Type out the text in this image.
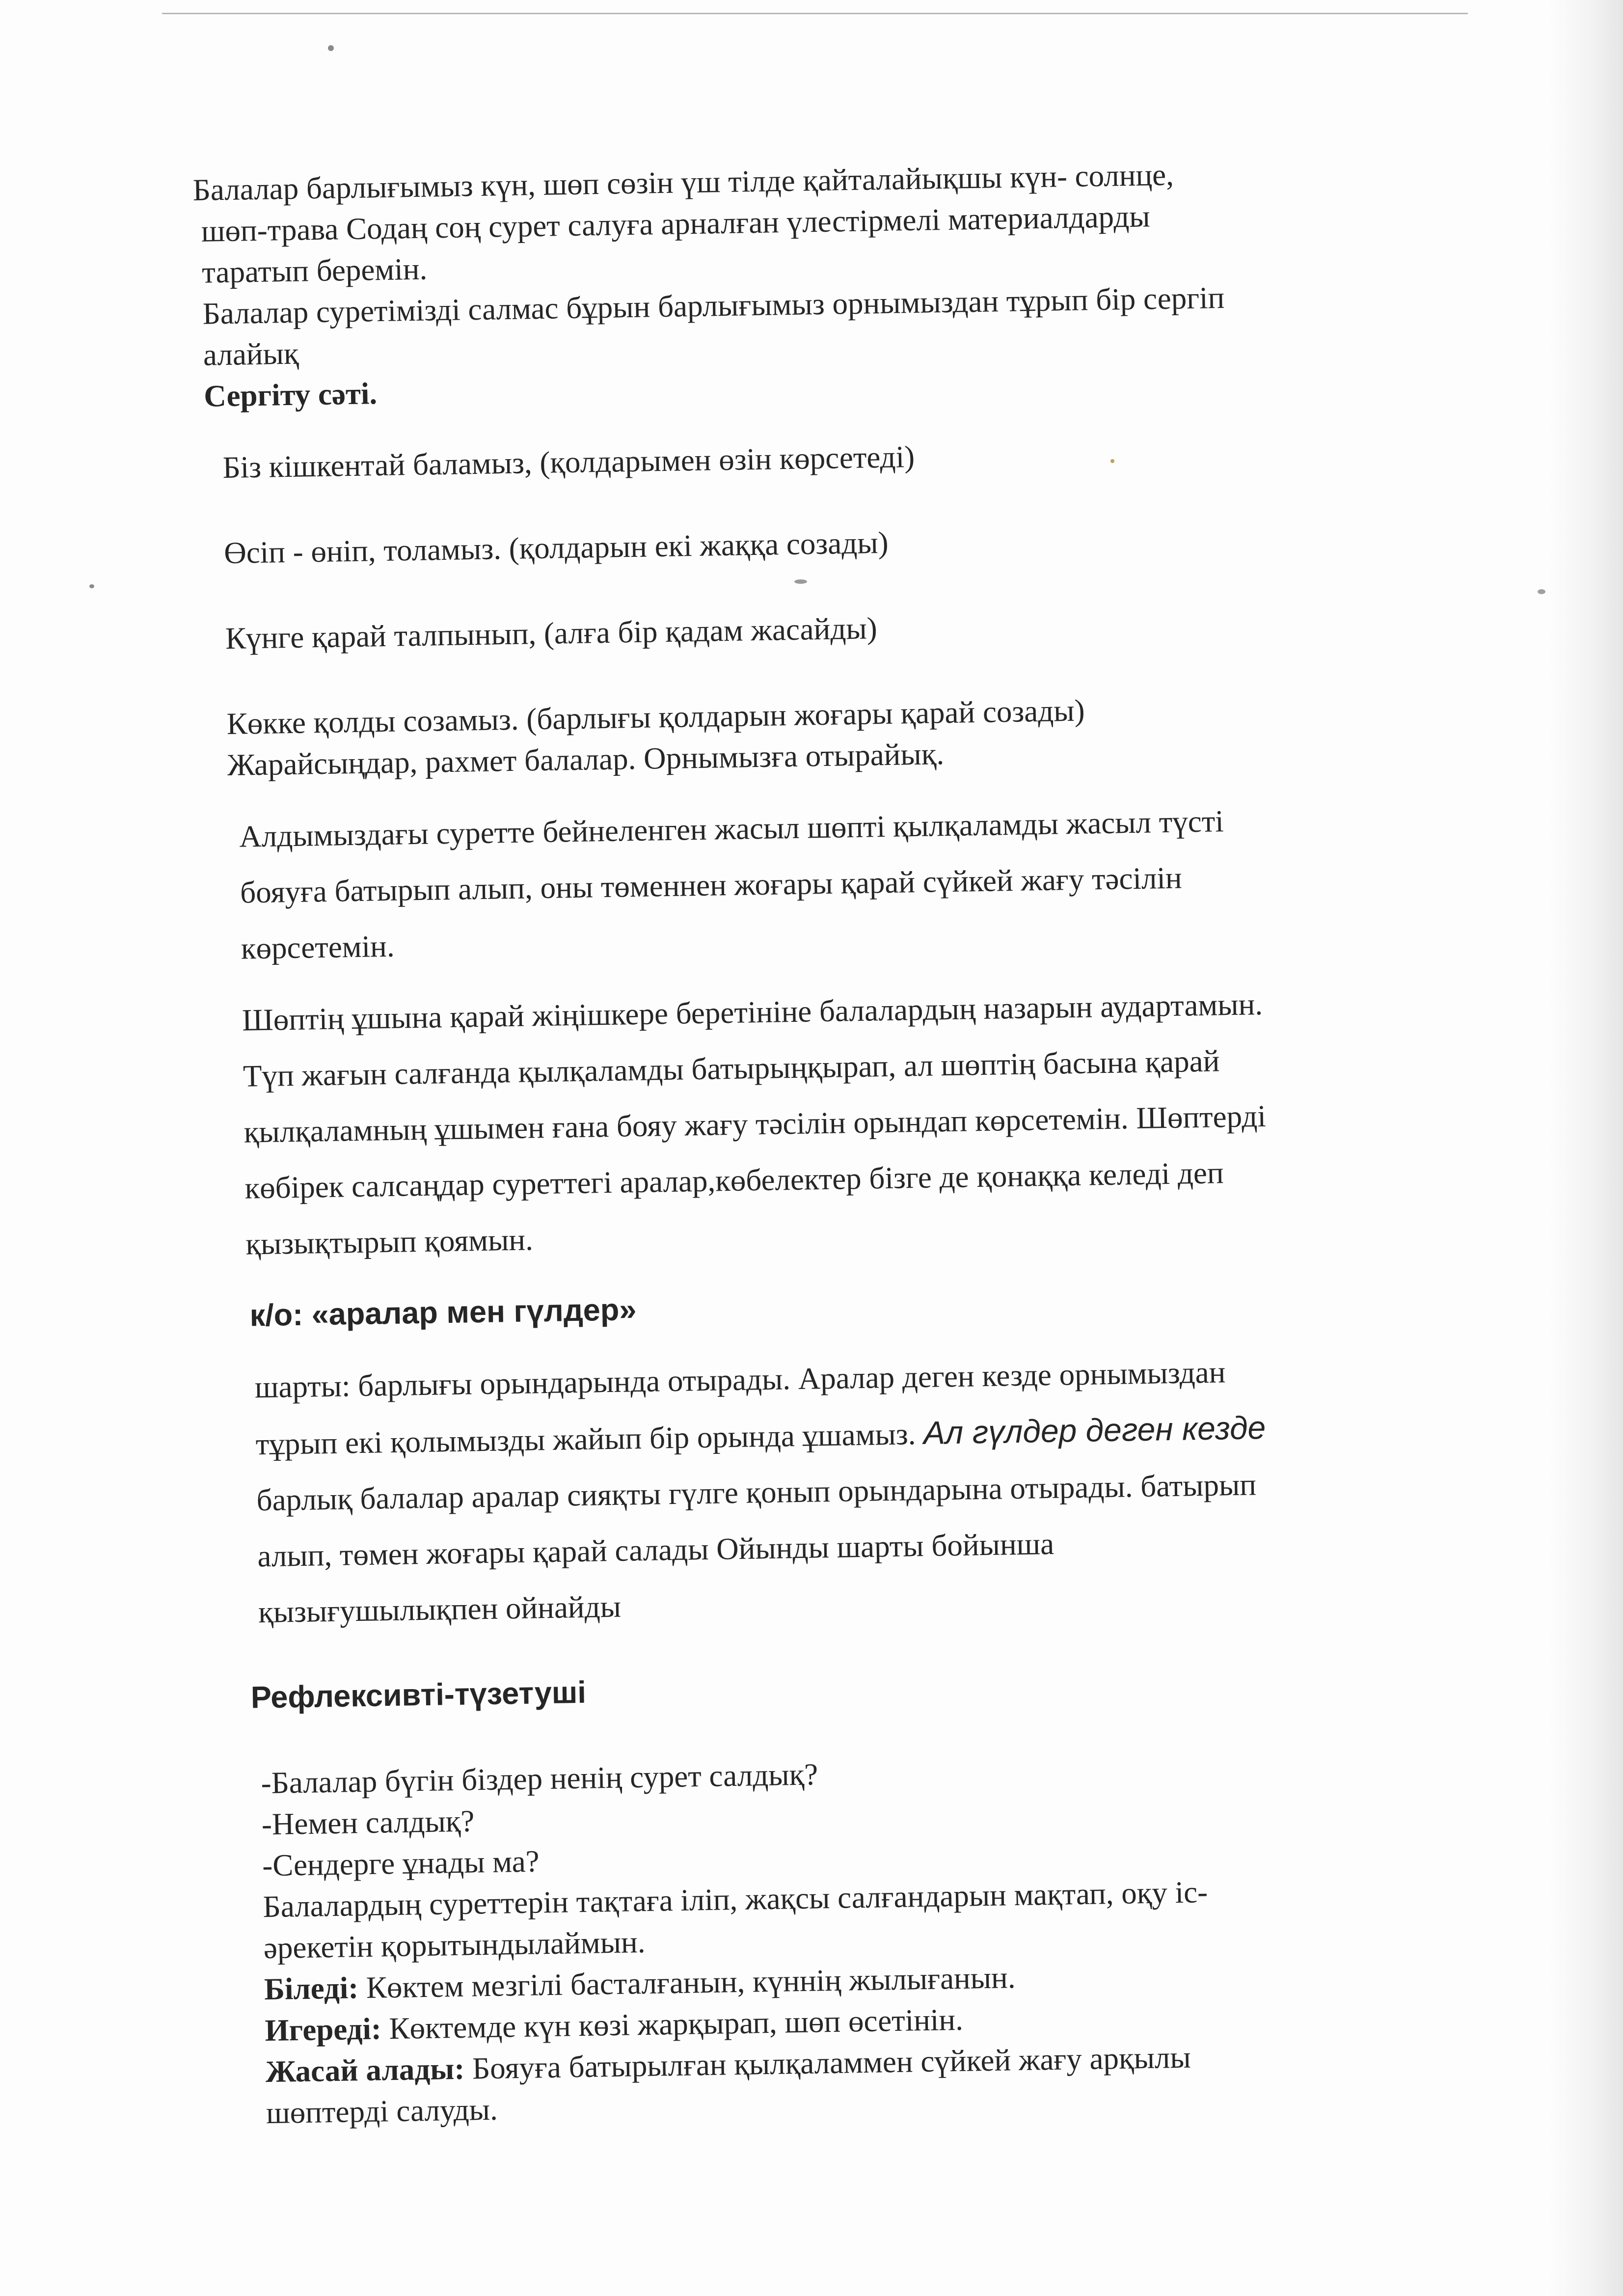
Балалар барлығымыз күн, шөп сөзін үш тілде қайталайықшы күн- солнце,

шөп-трава Содаң соң сурет салуға арналған үлестірмелі материалдарды

таратып беремін.

Балалар суретімізді салмас бұрын барлығымыз орнымыздан тұрып бір сергіп

алайық

Сергіту сәті.

Біз кішкентай баламыз, (қолдарымен өзін көрсетеді)

Өсіп - өніп, толамыз. (қолдарын екі жаққа созады)

Күнге қарай талпынып, (алға бір қадам жасайды)

Көкке қолды созамыз. (барлығы қолдарын жоғары қарай созады)

Жарайсыңдар, рахмет балалар. Орнымызға отырайық.

Алдымыздағы суретте бейнеленген жасыл шөпті қылқаламды жасыл түсті

бояуға батырып алып, оны төменнен жоғары қарай сүйкей жағу тәсілін

көрсетемін.

Шөптің ұшына қарай жіңішкере беретініне балалардың назарын аудартамын.

Түп жағын салғанда қылқаламды батырыңқырап, ал шөптің басына қарай

қылқаламның ұшымен ғана бояу жағу тәсілін орындап көрсетемін. Шөптерді

көбірек салсаңдар суреттегі аралар,көбелектер бізге де қонаққа келеді деп

қызықтырып қоямын.

к/о: «аралар мен гүлдер»

шарты: барлығы орындарында отырады. Аралар деген кезде орнымыздан

тұрып екі қолымызды жайып бір орында ұшамыз. Ал гүлдер деген кезде

барлық балалар аралар сияқты гүлге қонып орындарына отырады. батырып

алып, төмен жоғары қарай салады Ойынды шарты бойынша

қызығушылықпен ойнайды

Рефлексивті-түзетуші

-Балалар бүгін біздер ненің сурет салдық?

-Немен салдық?

-Сендерге ұнады ма?

Балалардың суреттерін тақтаға іліп, жақсы салғандарын мақтап, оқу іс-

әрекетін қорытындылаймын.

Біледі: Көктем мезгілі басталғанын, күннің жылығанын.

Игереді: Көктемде күн көзі жарқырап, шөп өсетінін.

Жасай алады: Бояуға батырылған қылқаламмен сүйкей жағу арқылы

шөптерді салуды.
